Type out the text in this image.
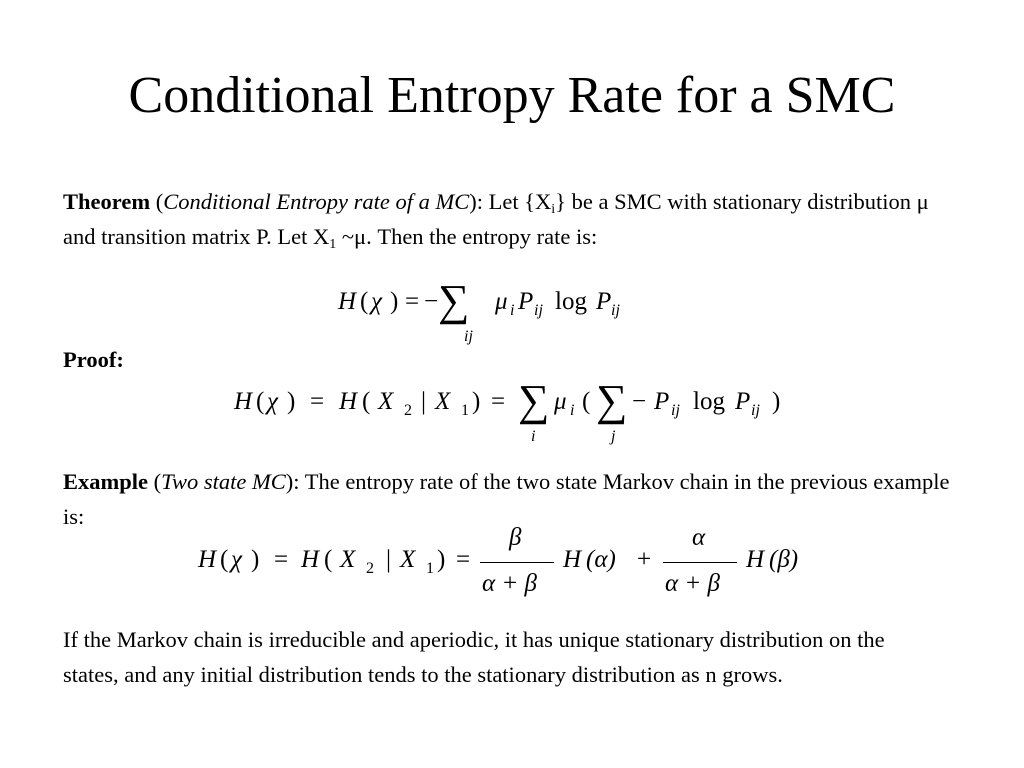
Conditional Entropy Rate for a SMC
Theorem (Conditional Entropy rate of a MC): Let $\{X_i\}$ be a SMC with stationary distribution μ and transition matrix P. Let $X_1$ ~μ. Then the entropy rate is:
H ( χ ) = − ∑
ij
μ i P ij log P ij
Proof:
H ( χ ) = H ( X 2 | X 1 ) = ∑
i
μ i ( ∑
j
− P ij log P ij )
Example (Two state MC): The entropy rate of the two state Markov chain in the previous example is:
H ( χ ) = H ( X 2 | X 1 ) =
β
α + β
H (α) +
α
α + β
H (β)
If the Markov chain is irreducible and aperiodic, it has unique stationary distribution on the states, and any initial distribution tends to the stationary distribution as n grows.
